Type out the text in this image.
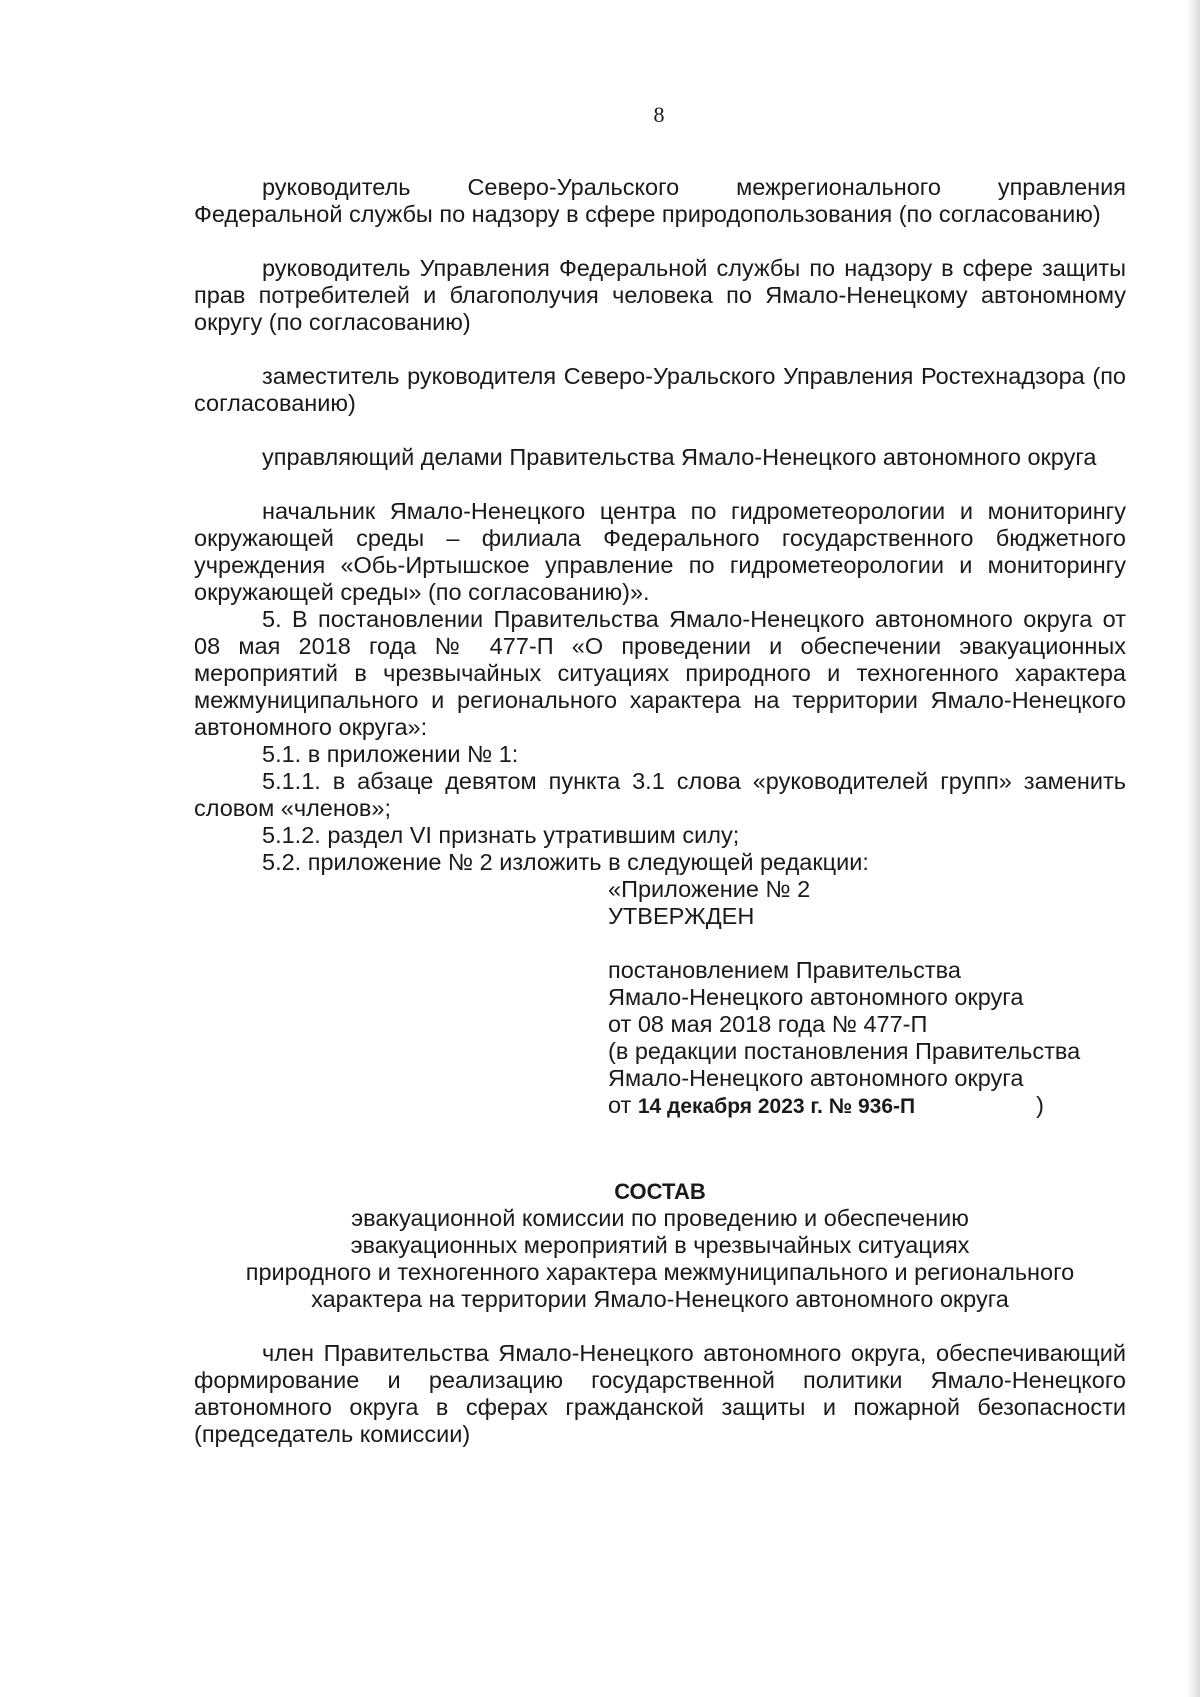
8

руководитель Северо-Уральского межрегионального управления Федеральной службы по надзору в сфере природопользования (по согласованию)

руководитель Управления Федеральной службы по надзору в сфере защиты прав потребителей и благополучия человека по Ямало-Ненецкому автономному округу (по согласованию)

заместитель руководителя Северо-Уральского Управления Ростехнадзора (по согласованию)

управляющий делами Правительства Ямало-Ненецкого автономного округа

начальник Ямало-Ненецкого центра по гидрометеорологии и мониторингу окружающей среды – филиала Федерального государственного бюджетного учреждения «Обь-Иртышское управление по гидрометеорологии и мониторингу окружающей среды» (по согласованию)».

5. В постановлении Правительства Ямало-Ненецкого автономного округа от 08 мая 2018 года № 477-П «О проведении и обеспечении эвакуационных мероприятий в чрезвычайных ситуациях природного и техногенного характера межмуниципального и регионального характера на территории Ямало-Ненецкого автономного округа»:

5.1. в приложении № 1:

5.1.1. в абзаце девятом пункта 3.1 слова «руководителей групп» заменить словом «членов»;

5.1.2. раздел VI признать утратившим силу;

5.2. приложение № 2 изложить в следующей редакции:

«Приложение № 2
УТВЕРЖДЕН
постановлением Правительства
Ямало-Ненецкого автономного округа
от 08 мая 2018 года № 477-П
(в редакции постановления Правительства
Ямало-Ненецкого автономного округа
от 14 декабря 2023 г. № 936-П	)
СОСТАВ
эвакуационной комиссии по проведению и обеспечению
эвакуационных мероприятий в чрезвычайных ситуациях
природного и техногенного характера межмуниципального и регионального
характера на территории Ямало-Ненецкого автономного округа

член Правительства Ямало-Ненецкого автономного округа, обеспечивающий формирование и реализацию государственной политики Ямало-Ненецкого автономного округа в сферах гражданской защиты и пожарной безопасности (председатель комиссии)
